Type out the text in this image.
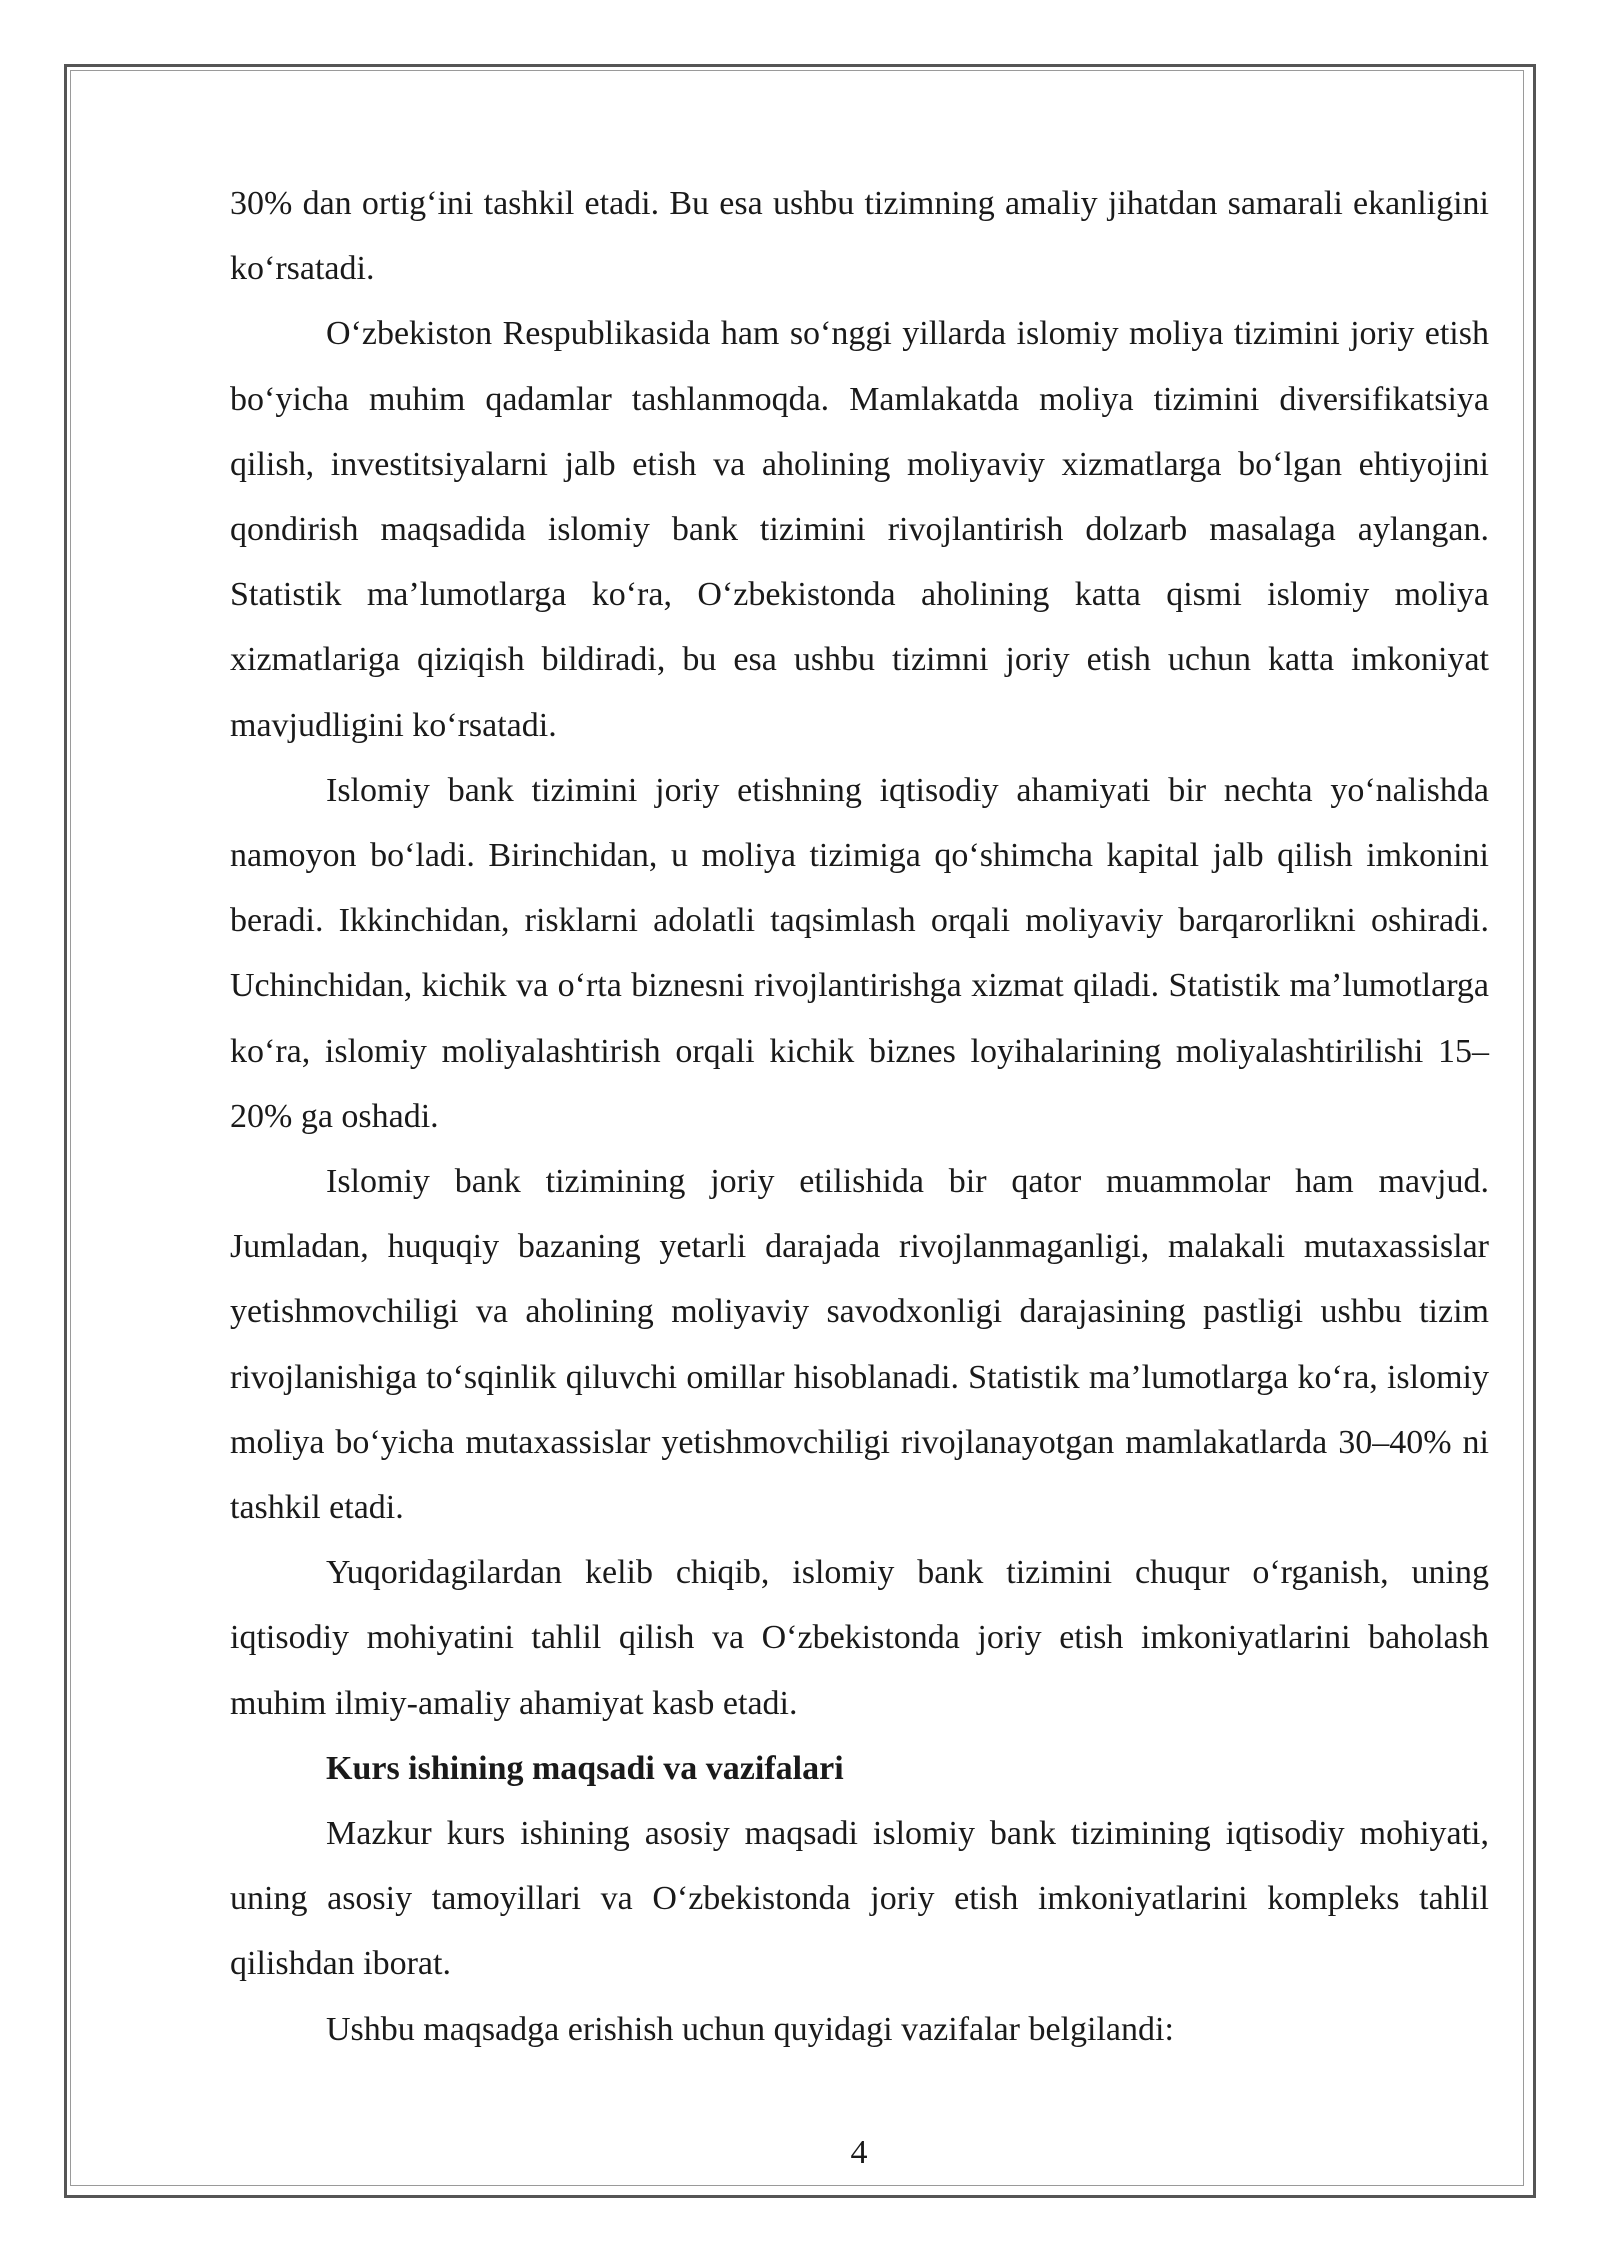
30% dan ortig‘ini tashkil etadi. Bu esa ushbu tizimning amaliy jihatdan samarali ekanligini ko‘rsatadi.

O‘zbekiston Respublikasida ham so‘nggi yillarda islomiy moliya tizimini joriy etish bo‘yicha muhim qadamlar tashlanmoqda. Mamlakatda moliya tizimini diversifikatsiya qilish, investitsiyalarni jalb etish va aholining moliyaviy xizmatlarga bo‘lgan ehtiyojini qondirish maqsadida islomiy bank tizimini rivojlantirish dolzarb masalaga aylangan. Statistik ma’lumotlarga ko‘ra, O‘zbekistonda aholining katta qismi islomiy moliya xizmatlariga qiziqish bildiradi, bu esa ushbu tizimni joriy etish uchun katta imkoniyat mavjudligini ko‘rsatadi.

Islomiy bank tizimini joriy etishning iqtisodiy ahamiyati bir nechta yo‘nalishda namoyon bo‘ladi. Birinchidan, u moliya tizimiga qo‘shimcha kapital jalb qilish imkonini beradi. Ikkinchidan, risklarni adolatli taqsimlash orqali moliyaviy barqarorlikni oshiradi. Uchinchidan, kichik va o‘rta biznesni rivojlantirishga xizmat qiladi. Statistik ma’lumotlarga ko‘ra, islomiy moliyalashtirish orqali kichik biznes loyihalarining moliyalashtirilishi 15–20% ga oshadi.

Islomiy bank tizimining joriy etilishida bir qator muammolar ham mavjud. Jumladan, huquqiy bazaning yetarli darajada rivojlanmaganligi, malakali mutaxassislar yetishmovchiligi va aholining moliyaviy savodxonligi darajasining pastligi ushbu tizim rivojlanishiga to‘sqinlik qiluvchi omillar hisoblanadi. Statistik ma’lumotlarga ko‘ra, islomiy moliya bo‘yicha mutaxassislar yetishmovchiligi rivojlanayotgan mamlakatlarda 30–40% ni tashkil etadi.

Yuqoridagilardan kelib chiqib, islomiy bank tizimini chuqur o‘rganish, uning iqtisodiy mohiyatini tahlil qilish va O‘zbekistonda joriy etish imkoniyatlarini baholash muhim ilmiy-amaliy ahamiyat kasb etadi.

Kurs ishining maqsadi va vazifalari

Mazkur kurs ishining asosiy maqsadi islomiy bank tizimining iqtisodiy mohiyati, uning asosiy tamoyillari va O‘zbekistonda joriy etish imkoniyatlarini kompleks tahlil qilishdan iborat.

Ushbu maqsadga erishish uchun quyidagi vazifalar belgilandi:

4
